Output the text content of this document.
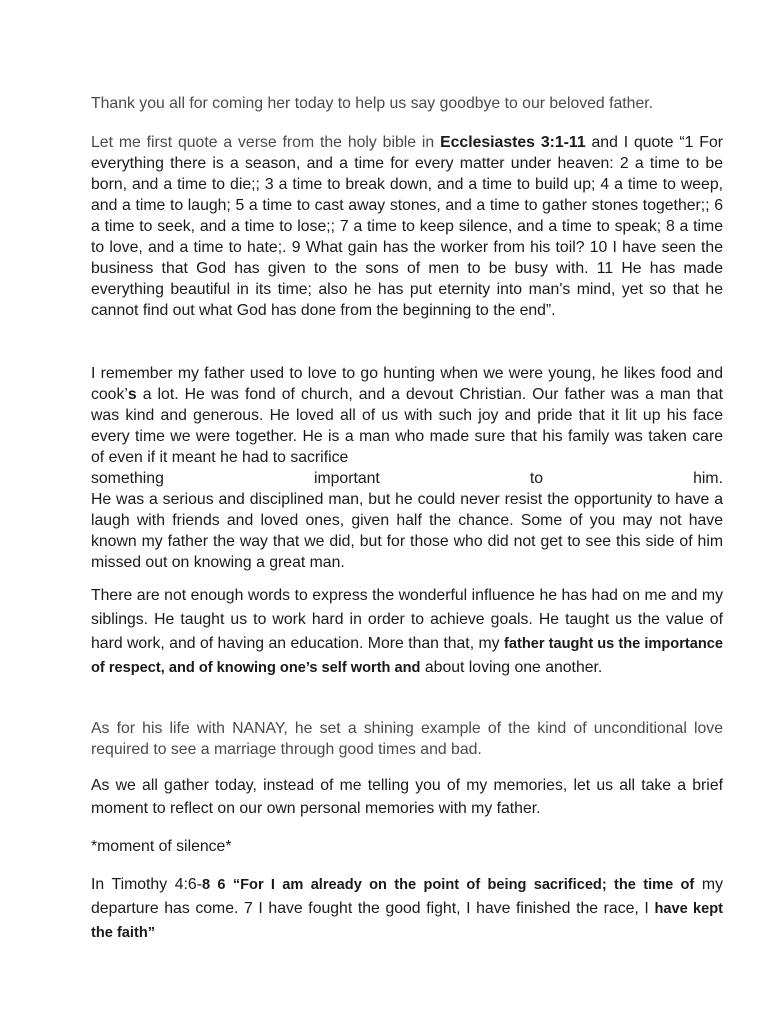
Thank you all for coming her today to help us say goodbye to our beloved father.

Let me first quote a verse from the holy bible in Ecclesiastes 3:1-11 and I quote “1 For everything there is a season, and a time for every matter under heaven: 2 a time to be born, and a time to die;; 3 a time to break down, and a time to build up; 4 a time to weep, and a time to laugh; 5 a time to cast away stones, and a time to gather stones together;; 6 a time to seek, and a time to lose;; 7 a time to keep silence, and a time to speak; 8 a time to love, and a time to hate;. 9 What gain has the worker from his toil? 10 I have seen the business that God has given to the sons of men to be busy with. 11 He has made everything beautiful in its time; also he has put eternity into man's mind, yet so that he cannot find out what God has done from the beginning to the end”.

I remember my father used to love to go hunting when we were young, he likes food and cook’s a lot. He was fond of church, and a devout Christian. Our father was a man that was kind and generous. He loved all of us with such joy and pride that it lit up his face every time we were together. He is a man who made sure that his family was taken care of even if it meant he had to sacrifice

something	important	to	him.

He was a serious and disciplined man, but he could never resist the opportunity to have a laugh with friends and loved ones, given half the chance. Some of you may not have known my father the way that we did, but for those who did not get to see this side of him missed out on knowing a great man.

There are not enough words to express the wonderful influence he has had on me and my siblings. He taught us to work hard in order to achieve goals. He taught us the value of hard work, and of having an education. More than that, my father taught us the importance of respect, and of knowing one’s self worth and about loving one another.

As for his life with NANAY, he set a shining example of the kind of unconditional love required to see a marriage through good times and bad.

As we all gather today, instead of me telling you of my memories, let us all take a brief moment to reflect on our own personal memories with my father.

*moment of silence*

In Timothy 4:6-8 6 “For I am already on the point of being sacrificed; the time of my departure has come. 7 I have fought the good fight, I have finished the race, I have kept the faith”
